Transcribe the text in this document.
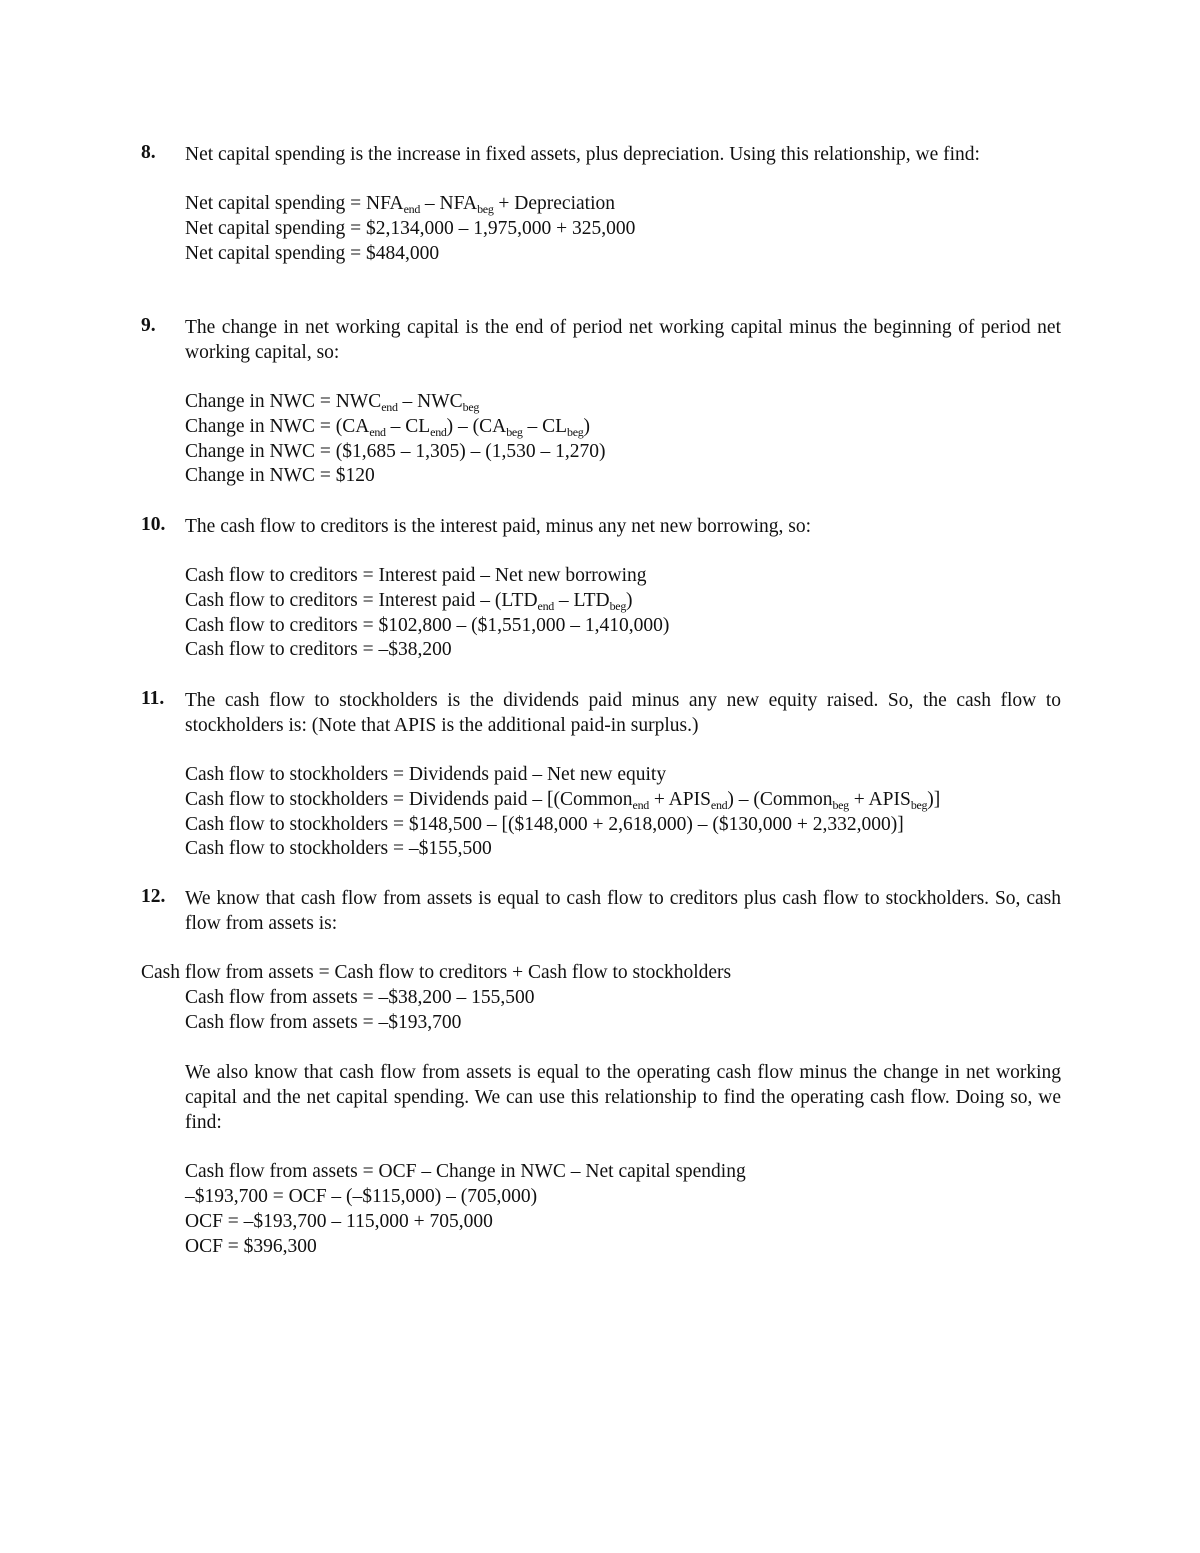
8. Net capital spending is the increase in fixed assets, plus depreciation. Using this relationship, we find:
Net capital spending = $NFA_{end} - NFA_{beg}$ + Depreciation
Net capital spending = $2,134,000 – 1,975,000 + 325,000
Net capital spending = $484,000
9. The change in net working capital is the end of period net working capital minus the beginning of period net working capital, so:
Change in NWC = $NWC_{end} - NWC_{beg}$
Change in NWC = $(CA_{end} - CL_{end}) - (CA_{beg} - CL_{beg})$
Change in NWC = ($1,685 – 1,305) – (1,530 – 1,270)
Change in NWC = $120
10. The cash flow to creditors is the interest paid, minus any net new borrowing, so:
Cash flow to creditors = Interest paid – Net new borrowing
Cash flow to creditors = Interest paid – $(LTD_{end} - LTD_{beg})$
Cash flow to creditors = $102,800 – ($1,551,000 – 1,410,000)
Cash flow to creditors = –$38,200
11. The cash flow to stockholders is the dividends paid minus any new equity raised. So, the cash flow to stockholders is: (Note that APIS is the additional paid-in surplus.)
Cash flow to stockholders = Dividends paid – Net new equity
Cash flow to stockholders = Dividends paid – [(Common$_{end}$ + $APIS_{end}$) – (Common$_{beg}$ + $APIS_{beg}$)]
Cash flow to stockholders = $148,500 – [($148,000 + 2,618,000) – ($130,000 + 2,332,000)]
Cash flow to stockholders = –$155,500
12. We know that cash flow from assets is equal to cash flow to creditors plus cash flow to stockholders. So, cash flow from assets is:
Cash flow from assets = Cash flow to creditors + Cash flow to stockholders
Cash flow from assets = –$38,200 – 155,500
Cash flow from assets = –$193,700
We also know that cash flow from assets is equal to the operating cash flow minus the change in net working capital and the net capital spending. We can use this relationship to find the operating cash flow. Doing so, we find:
Cash flow from assets = OCF – Change in NWC – Net capital spending
–$193,700 = OCF – (–$115,000) – (705,000)
OCF = –$193,700 – 115,000 + 705,000
OCF = $396,300
